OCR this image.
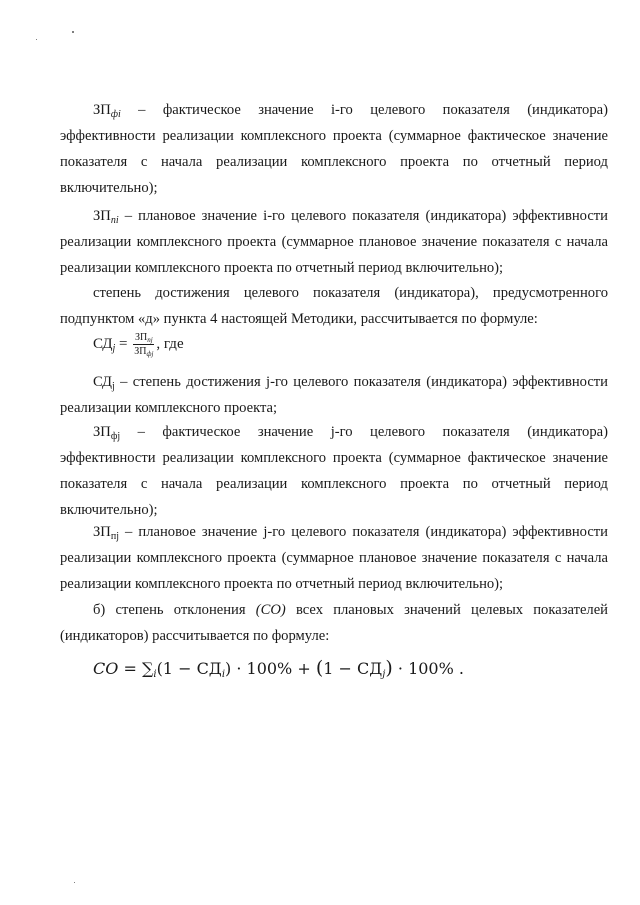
$ЗП_{фi}$ – фактическое значение i-го целевого показателя (индикатора) эффективности реализации комплексного проекта (суммарное фактическое значение показателя с начала реализации комплексного проекта по отчетный период включительно);

$ЗП_{пi}$ – плановое значение i-го целевого показателя (индикатора) эффективности реализации комплексного проекта (суммарное плановое значение показателя с начала реализации комплексного проекта по отчетный период включительно);

степень достижения целевого показателя (индикатора), предусмотренного подпунктом «д» пункта 4 настоящей Методики, рассчитывается по формуле:

$СД_j = \frac{ЗП_{пj}}{ЗП_{фj}}$ , где

$СД_j$ – степень достижения j-го целевого показателя (индикатора) эффективности реализации комплексного проекта;

$ЗП_{фj}$ – фактическое значение j-го целевого показателя (индикатора) эффективности реализации комплексного проекта (суммарное фактическое значение показателя с начала реализации комплексного проекта по отчетный период включительно);

$ЗП_{пj}$ – плановое значение j-го целевого показателя (индикатора) эффективности реализации комплексного проекта (суммарное плановое значение показателя с начала реализации комплексного проекта по отчетный период включительно);

б) степень отклонения (СО) всех плановых значений целевых показателей (индикаторов) рассчитывается по формуле:

СО = $\sum_i(1 - СД_i) \cdot 100\% + (1 - СД_j) \cdot 100\%$ .
